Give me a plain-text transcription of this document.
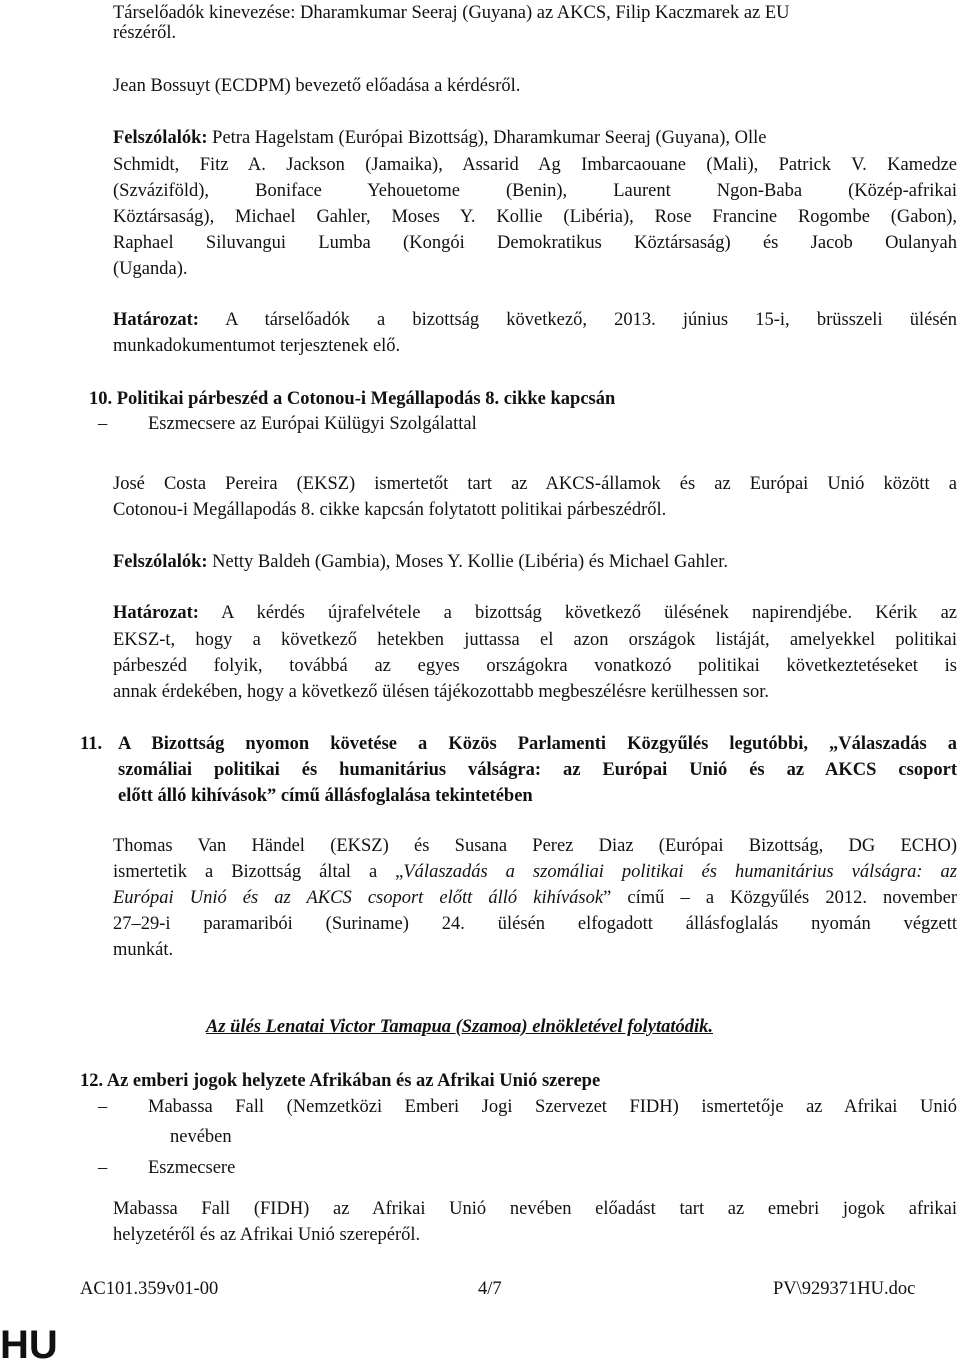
Társelőadók kinevezése: Dharamkumar Seeraj (Guyana) az AKCS, Filip Kaczmarek az EU
részéről.
Jean Bossuyt (ECDPM) bevezető előadása a kérdésről.
Felszólalók: Petra Hagelstam (Európai Bizottság), Dharamkumar Seeraj (Guyana), Olle
Schmidt, Fitz A. Jackson (Jamaika), Assarid Ag Imbarcaouane (Mali), Patrick V. Kamedze
(Szváziföld), Boniface Yehouetome (Benin), Laurent Ngon-Baba (Közép-afrikai
Köztársaság), Michael Gahler, Moses Y. Kollie (Libéria), Rose Francine Rogombe (Gabon),
Raphael Siluvangui Lumba (Kongói Demokratikus Köztársaság) és Jacob Oulanyah
(Uganda).
Határozat: A társelőadók a bizottság következő, 2013. június 15-i, brüsszeli ülésén
munkadokumentumot terjesztenek elő.
10. Politikai párbeszéd a Cotonou-i Megállapodás 8. cikke kapcsán
– Eszmecsere az Európai Külügyi Szolgálattal
José Costa Pereira (EKSZ) ismertetőt tart az AKCS-államok és az Európai Unió között a
Cotonou-i Megállapodás 8. cikke kapcsán folytatott politikai párbeszédről.
Felszólalók: Netty Baldeh (Gambia), Moses Y. Kollie (Libéria) és Michael Gahler.
Határozat: A kérdés újrafelvétele a bizottság következő ülésének napirendjébe. Kérik az
EKSZ-t, hogy a következő hetekben juttassa el azon országok listáját, amelyekkel politikai
párbeszéd folyik, továbbá az egyes országokra vonatkozó politikai következtetéseket is
annak érdekében, hogy a következő ülésen tájékozottabb megbeszélésre kerülhessen sor.
11. A Bizottság nyomon követése a Közös Parlamenti Közgyűlés legutóbbi, „Válaszadás a
szomáliai politikai és humanitárius válságra: az Európai Unió és az AKCS csoport
előtt álló kihívások” című állásfoglalása tekintetében
Thomas Van Händel (EKSZ) és Susana Perez Diaz (Európai Bizottság, DG ECHO)
ismertetik a Bizottság által a „Válaszadás a szomáliai politikai és humanitárius válságra: az
Európai Unió és az AKCS csoport előtt álló kihívások” című – a Közgyűlés 2012. november
27–29-i paramaribói (Suriname) 24. ülésén elfogadott állásfoglalás nyomán végzett
munkát.
Az ülés Lenatai Victor Tamapua (Szamoa) elnökletével folytatódik.
12. Az emberi jogok helyzete Afrikában és az Afrikai Unió szerepe
– Mabassa Fall (Nemzetközi Emberi Jogi Szervezet FIDH) ismertetője az Afrikai Unió
nevében
– Eszmecsere
Mabassa Fall (FIDH) az Afrikai Unió nevében előadást tart az emebri jogok afrikai
helyzetéről és az Afrikai Unió szerepéről.
AC101.359v01-00	4/7	PV\929371HU.doc
HU
